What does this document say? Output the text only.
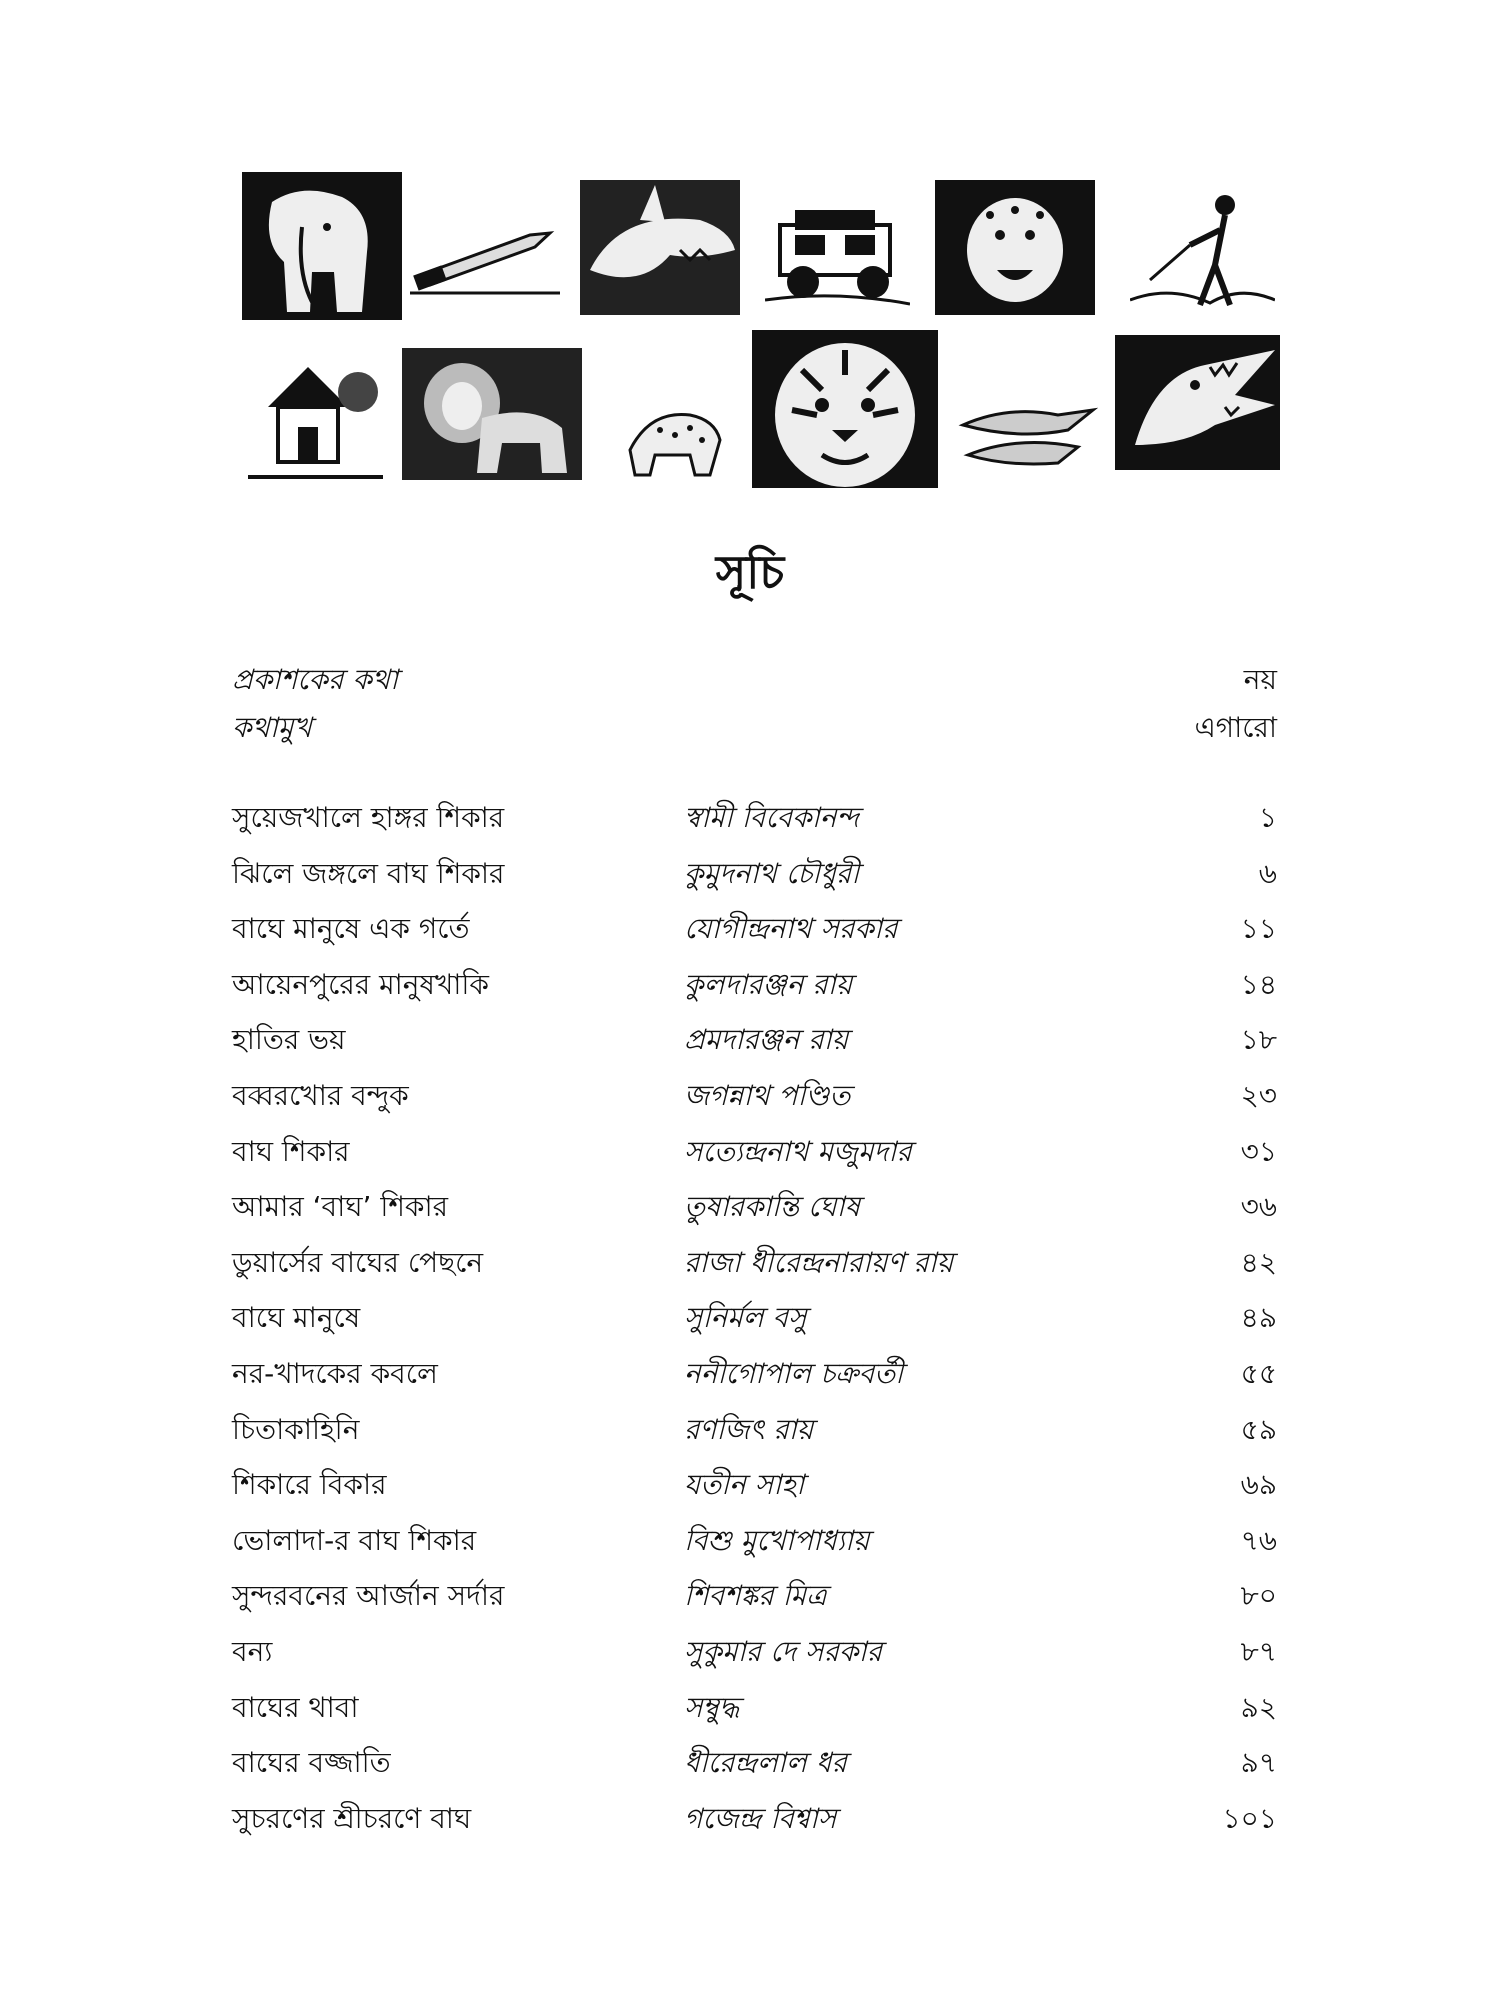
সূচি
প্রকাশকের কথা	নয়
কথামুখ	এগারো
সুয়েজখালে হাঙ্গর শিকার	স্বামী বিবেকানন্দ	১
ঝিলে জঙ্গলে বাঘ শিকার	কুমুদনাথ চৌধুরী	৬
বাঘে মানুষে এক গর্তে	যোগীন্দ্রনাথ সরকার	১১
আয়েনপুরের মানুষখাকি	কুলদারঞ্জন রায়	১৪
হাতির ভয়	প্রমদারঞ্জন রায়	১৮
বব্বরখোর বন্দুক	জগন্নাথ পণ্ডিত	২৩
বাঘ শিকার	সত্যেন্দ্রনাথ মজুমদার	৩১
আমার ‘বাঘ’ শিকার	তুষারকান্তি ঘোষ	৩৬
ডুয়ার্সের বাঘের পেছনে	রাজা ধীরেন্দ্রনারায়ণ রায়	৪২
বাঘে মানুষে	সুনির্মল বসু	৪৯
নর-খাদকের কবলে	ননীগোপাল চক্রবর্তী	৫৫
চিতাকাহিনি	রণজিৎ রায়	৫৯
শিকারে বিকার	যতীন সাহা	৬৯
ভোলাদা-র বাঘ শিকার	বিশু মুখোপাধ্যায়	৭৬
সুন্দরবনের আর্জান সর্দার	শিবশঙ্কর মিত্র	৮০
বন্য	সুকুমার দে সরকার	৮৭
বাঘের থাবা	সম্বুদ্ধ	৯২
বাঘের বজ্জাতি	ধীরেন্দ্রলাল ধর	৯৭
সুচরণের শ্রীচরণে বাঘ	গজেন্দ্র বিশ্বাস	১০১
